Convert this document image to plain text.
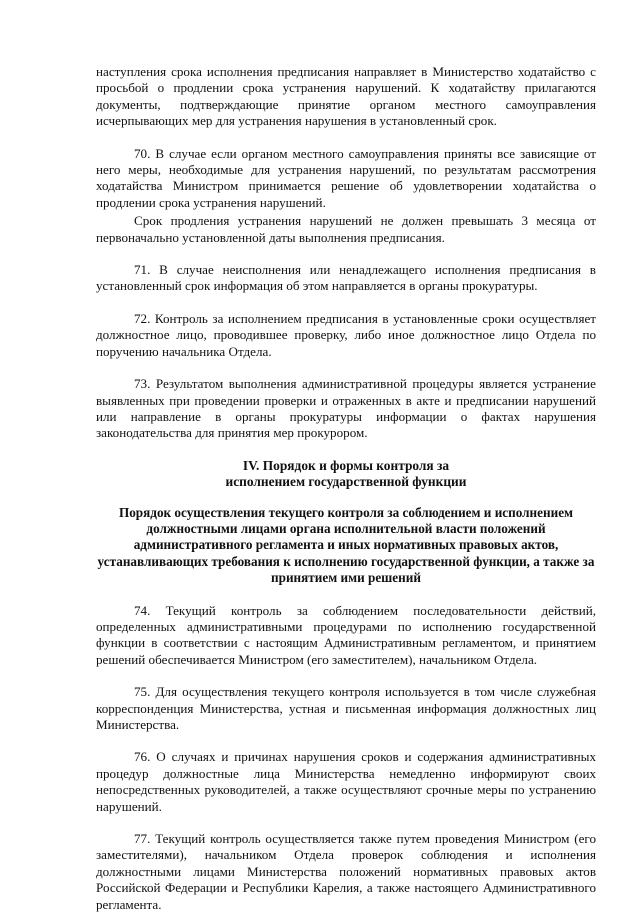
наступления срока исполнения предписания направляет в Министерство ходатайство с просьбой о продлении срока устранения нарушений. К ходатайству прилагаются документы, подтверждающие принятие органом местного самоуправления исчерпывающих мер для устранения нарушения в установленный срок.

70. В случае если органом местного самоуправления приняты все зависящие от него меры, необходимые для устранения нарушений, по результатам рассмотрения ходатайства Министром принимается решение об удовлетворении ходатайства о продлении срока устранения нарушений.

Срок продления устранения нарушений не должен превышать 3 месяца от первоначально установленной даты выполнения предписания.

71. В случае неисполнения или ненадлежащего исполнения предписания в установленный срок информация об этом направляется в органы прокуратуры.

72. Контроль за исполнением предписания в установленные сроки осуществляет должностное лицо, проводившее проверку, либо иное должностное лицо Отдела по поручению начальника Отдела.

73. Результатом выполнения административной процедуры является устранение выявленных при проведении проверки и отраженных в акте и предписании нарушений или направление в органы прокуратуры информации о фактах нарушения законодательства для принятия мер прокурором.

IV. Порядок и формы контроля за
исполнением государственной функции
Порядок осуществления текущего контроля за соблюдением и исполнением должностными лицами органа исполнительной власти положений административного регламента и иных нормативных правовых актов, устанавливающих требования к исполнению государственной функции, а также за принятием ими решений

74. Текущий контроль за соблюдением последовательности действий, определенных административными процедурами по исполнению государственной функции в соответствии с настоящим Административным регламентом, и принятием решений обеспечивается Министром (его заместителем), начальником Отдела.

75. Для осуществления текущего контроля используется в том числе служебная корреспонденция Министерства, устная и письменная информация должностных лиц Министерства.

76. О случаях и причинах нарушения сроков и содержания административных процедур должностные лица Министерства немедленно информируют своих непосредственных руководителей, а также осуществляют срочные меры по устранению нарушений.

77. Текущий контроль осуществляется также путем проведения Министром (его заместителями), начальником Отдела проверок соблюдения и исполнения должностными лицами Министерства положений нормативных правовых актов Российской Федерации и Республики Карелия, а также настоящего Административного регламента.
